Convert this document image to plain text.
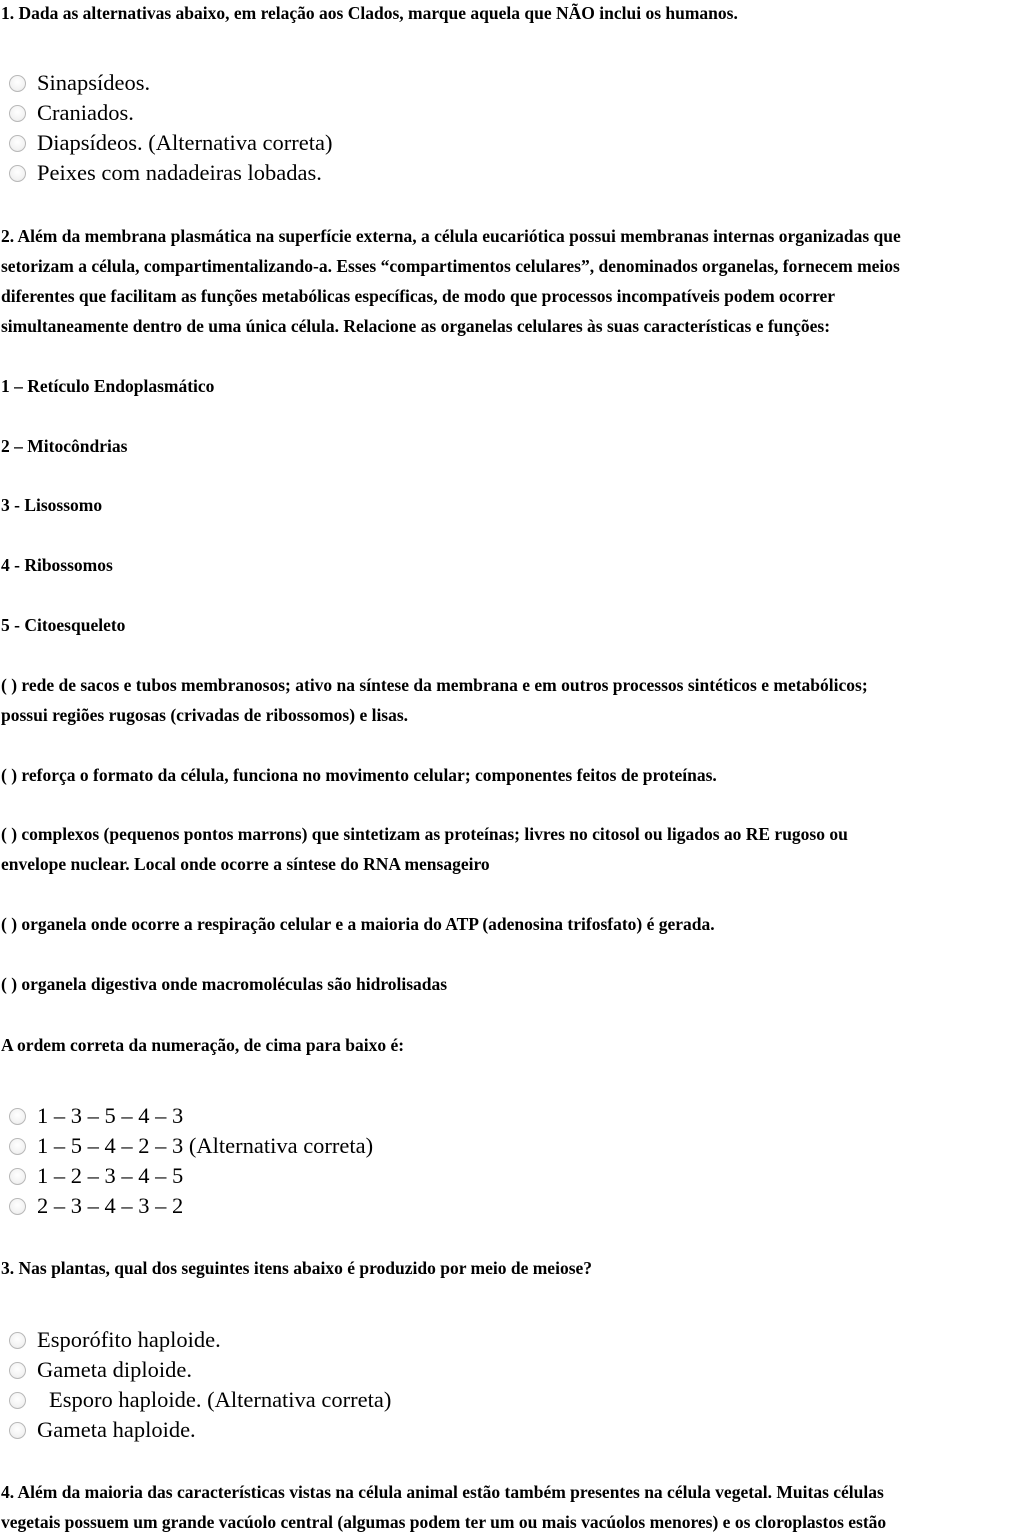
1. Dada as alternativas abaixo, em relação aos Clados, marque aquela que NÃO inclui os humanos.

Sinapsídeos.
Craniados.
Diapsídeos. (Alternativa correta)
Peixes com nadadeiras lobadas.

2. Além da membrana plasmática na superfície externa, a célula eucariótica possui membranas internas organizadas que

setorizam a célula, compartimentalizando-a. Esses “compartimentos celulares”, denominados organelas, fornecem meios

diferentes que facilitam as funções metabólicas específicas, de modo que processos incompatíveis podem ocorrer

simultaneamente dentro de uma única célula. Relacione as organelas celulares às suas características e funções:

1 – Retículo Endoplasmático

2 – Mitocôndrias

3 - Lisossomo

4 - Ribossomos

5 - Citoesqueleto

( ) rede de sacos e tubos membranosos; ativo na síntese da membrana e em outros processos sintéticos e metabólicos;

possui regiões rugosas (crivadas de ribossomos) e lisas.

( ) reforça o formato da célula, funciona no movimento celular; componentes feitos de proteínas.

( ) complexos (pequenos pontos marrons) que sintetizam as proteínas; livres no citosol ou ligados ao RE rugoso ou

envelope nuclear. Local onde ocorre a síntese do RNA mensageiro

( ) organela onde ocorre a respiração celular e a maioria do ATP (adenosina trifosfato) é gerada.

( ) organela digestiva onde macromoléculas são hidrolisadas

A ordem correta da numeração, de cima para baixo é:

1 – 3 – 5 – 4 – 3
1 – 5 – 4 – 2 – 3 (Alternativa correta)
1 – 2 – 3 – 4 – 5
2 – 3 – 4 – 3 – 2

3. Nas plantas, qual dos seguintes itens abaixo é produzido por meio de meiose?

Esporófito haploide.
Gameta diploide.
Esporo haploide. (Alternativa correta)
Gameta haploide.

4. Além da maioria das características vistas na célula animal estão também presentes na célula vegetal. Muitas células

vegetais possuem um grande vacúolo central (algumas podem ter um ou mais vacúolos menores) e os cloroplastos estão
